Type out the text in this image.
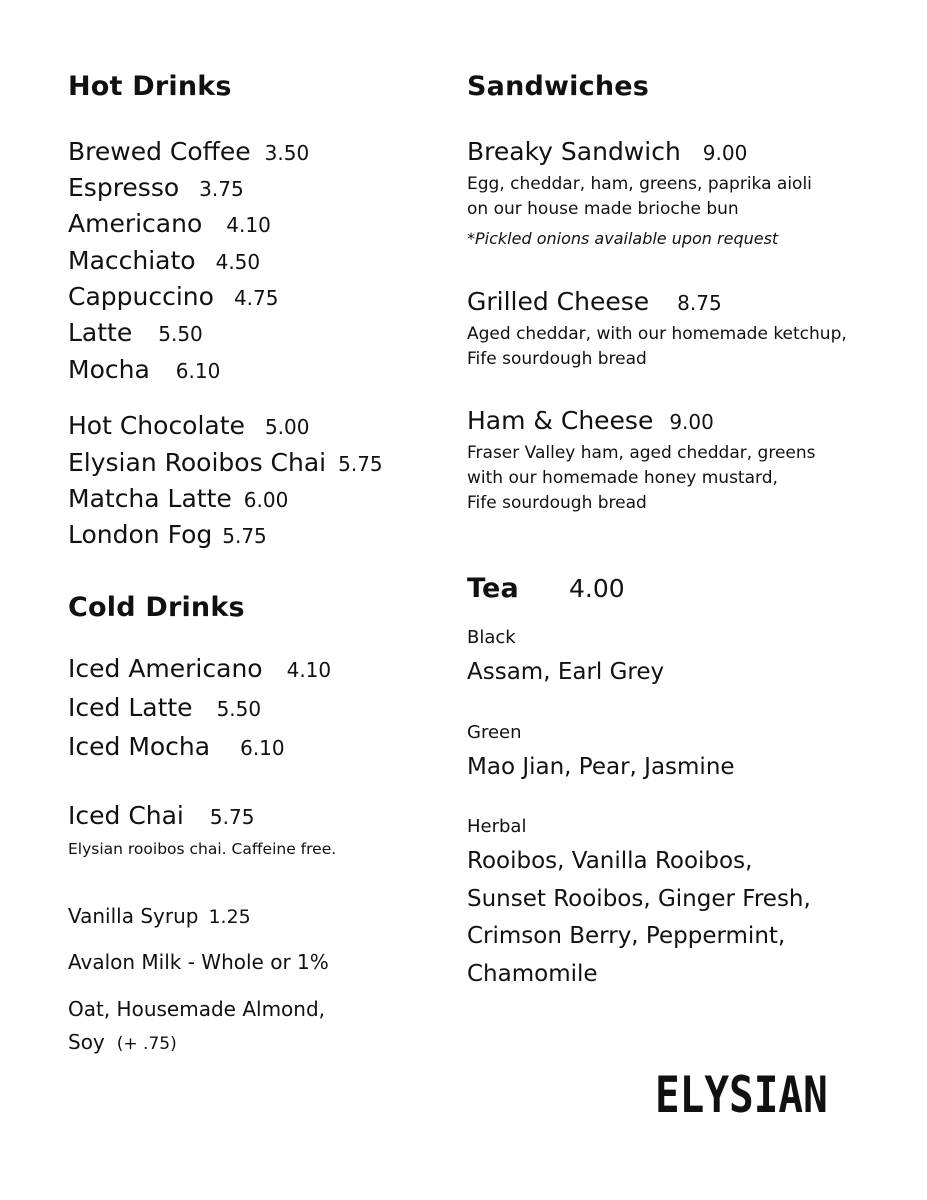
Hot Drinks
Brewed Coffee 3.50
Espresso 3.75
Americano 4.10
Macchiato 4.50
Cappuccino 4.75
Latte 5.50
Mocha 6.10
Hot Chocolate 5.00
Elysian Rooibos Chai 5.75
Matcha Latte 6.00
London Fog 5.75
Cold Drinks
Iced Americano 4.10
Iced Latte 5.50
Iced Mocha 6.10
Iced Chai 5.75
Elysian rooibos chai. Caffeine free.
Vanilla Syrup 1.25
Avalon Milk - Whole or 1%
Oat, Housemade Almond,
Soy (+ .75)
Sandwiches
Breaky Sandwich 9.00
Egg, cheddar, ham, greens, paprika aioli
on our house made brioche bun
*Pickled onions available upon request
Grilled Cheese 8.75
Aged cheddar, with our homemade ketchup,
Fife sourdough bread
Ham & Cheese 9.00
Fraser Valley ham, aged cheddar, greens
with our homemade honey mustard,
Fife sourdough bread
Tea 4.00
Black
Assam, Earl Grey
Green
Mao Jian, Pear, Jasmine
Herbal
Rooibos, Vanilla Rooibos,
Sunset Rooibos, Ginger Fresh,
Crimson Berry, Peppermint,
Chamomile
ELYSIAN
